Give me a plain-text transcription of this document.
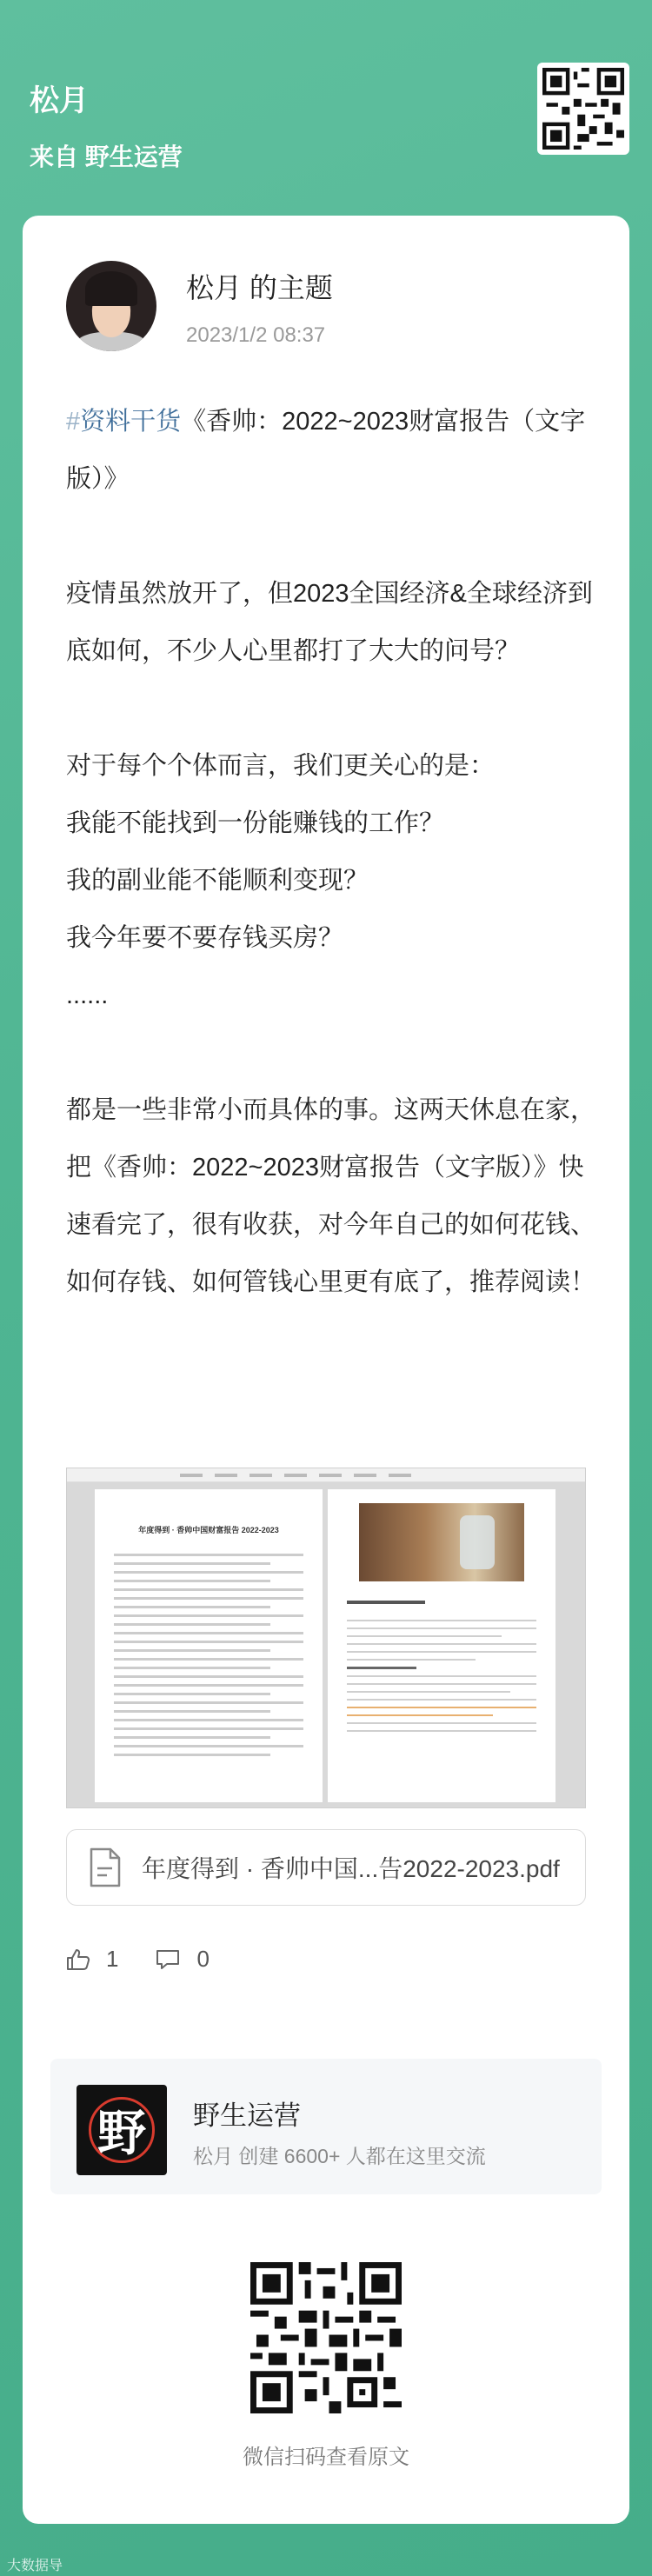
松月
来自 野生运营
松月 的主题
2023/1/2 08:37

#资料干货《香帅：2022~2023财富报告（文字版）》

疫情虽然放开了，但2023全国经济&全球经济到底如何，不少人心里都打了大大的问号？

对于每个个体而言，我们更关心的是：

我能不能找到一份能赚钱的工作？

我的副业能不能顺利变现？

我今年要不要存钱买房？

......

都是一些非常小而具体的事。这两天休息在家，把《香帅：2022~2023财富报告（文字版）》快速看完了，很有收获，对今年自己的如何花钱、如何存钱、如何管钱心里更有底了，推荐阅读！

年度得到 · 香帅中国财富报告 2022-2023
年度得到 · 香帅中国...告2022-2023.pdf
1	0
野	野生运营
松月 创建 6600+ 人都在这里交流
微信扫码查看原文
大数据导
